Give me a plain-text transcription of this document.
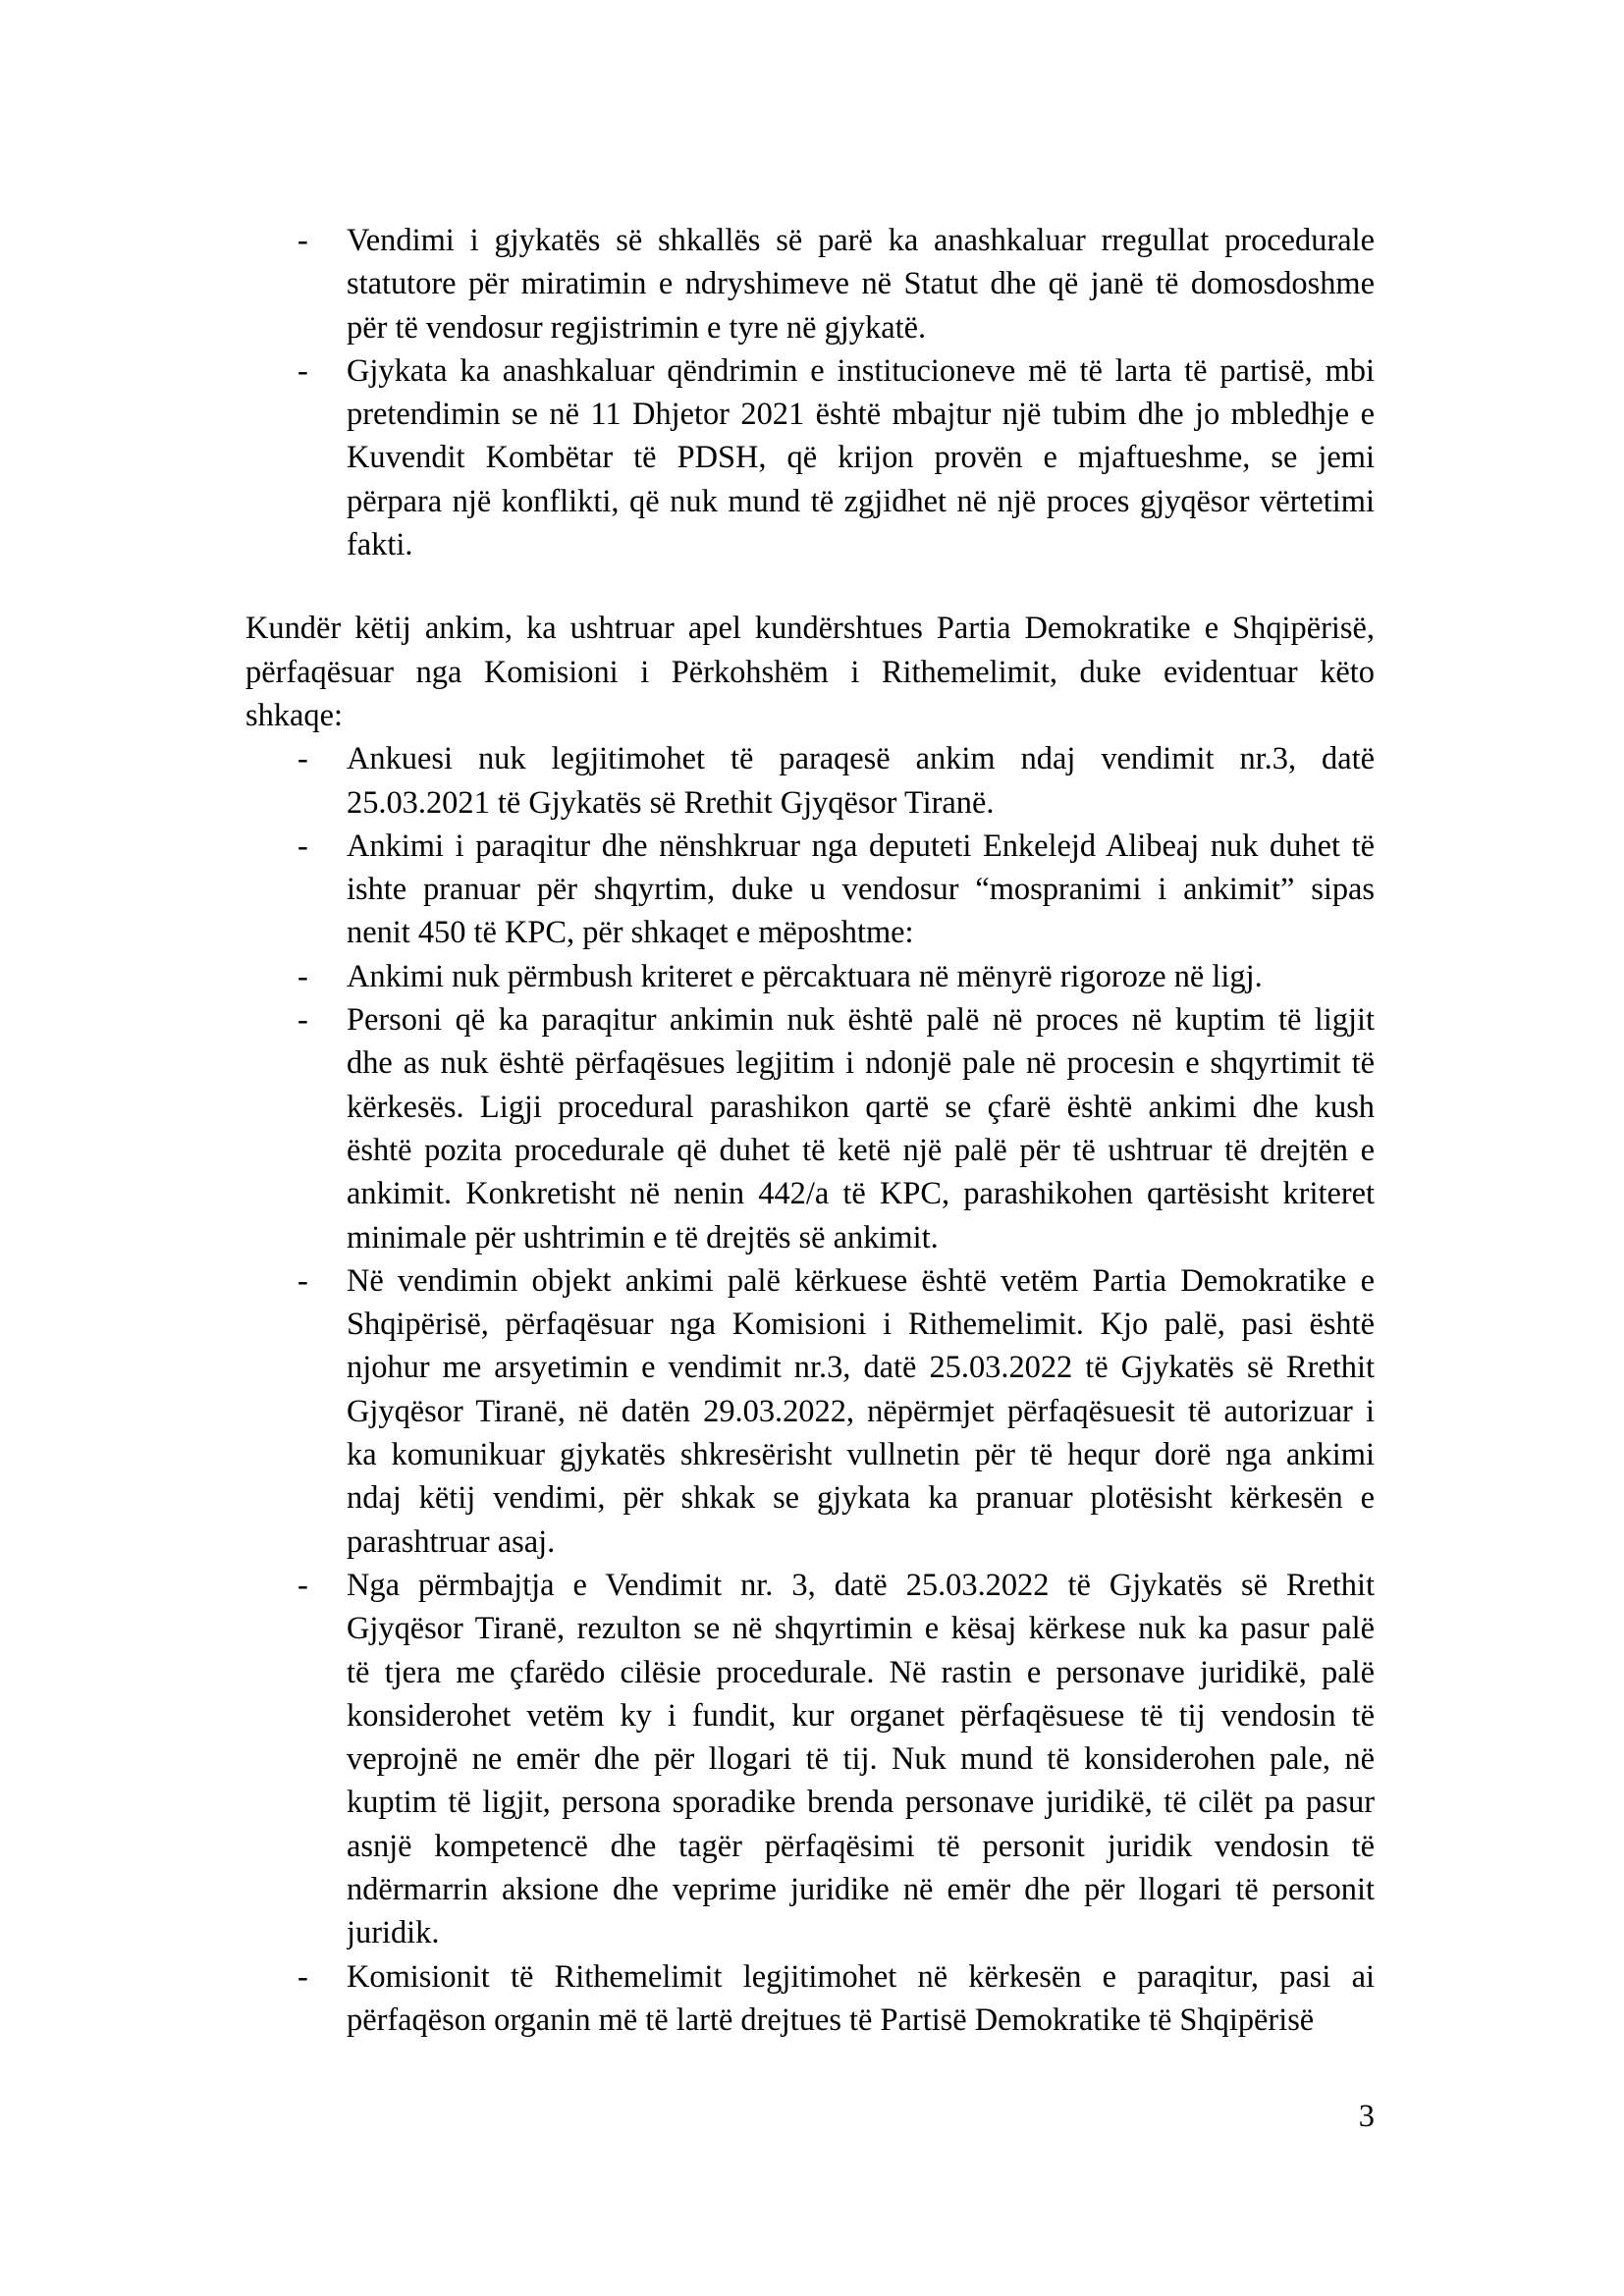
- Vendimi i gjykatës së shkallës së parë ka anashkaluar rregullat procedurale
statutore për miratimin e ndryshimeve në Statut dhe që janë të domosdoshme
për të vendosur regjistrimin e tyre në gjykatë.
- Gjykata ka anashkaluar qëndrimin e institucioneve më të larta të partisë, mbi
pretendimin se në 11 Dhjetor 2021 është mbajtur një tubim dhe jo mbledhje e
Kuvendit Kombëtar të PDSH, që krijon provën e mjaftueshme, se jemi
përpara një konflikti, që nuk mund të zgjidhet në një proces gjyqësor vërtetimi
fakti.
Kundër këtij ankim, ka ushtruar apel kundërshtues Partia Demokratike e Shqipërisë,
përfaqësuar nga Komisioni i Përkohshëm i Rithemelimit, duke evidentuar këto
shkaqe:
- Ankuesi nuk legjitimohet të paraqesë ankim ndaj vendimit nr.3, datë
25.03.2021 të Gjykatës së Rrethit Gjyqësor Tiranë.
- Ankimi i paraqitur dhe nënshkruar nga deputeti Enkelejd Alibeaj nuk duhet të
ishte pranuar për shqyrtim, duke u vendosur “mospranimi i ankimit” sipas
nenit 450 të KPC, për shkaqet e mëposhtme:
- Ankimi nuk përmbush kriteret e përcaktuara në mënyrë rigoroze në ligj.
- Personi që ka paraqitur ankimin nuk është palë në proces në kuptim të ligjit
dhe as nuk është përfaqësues legjitim i ndonjë pale në procesin e shqyrtimit të
kërkesës. Ligji procedural parashikon qartë se çfarë është ankimi dhe kush
është pozita procedurale që duhet të ketë një palë për të ushtruar të drejtën e
ankimit. Konkretisht në nenin 442/a të KPC, parashikohen qartësisht kriteret
minimale për ushtrimin e të drejtës së ankimit.
- Në vendimin objekt ankimi palë kërkuese është vetëm Partia Demokratike e
Shqipërisë, përfaqësuar nga Komisioni i Rithemelimit. Kjo palë, pasi është
njohur me arsyetimin e vendimit nr.3, datë 25.03.2022 të Gjykatës së Rrethit
Gjyqësor Tiranë, në datën 29.03.2022, nëpërmjet përfaqësuesit të autorizuar i
ka komunikuar gjykatës shkresërisht vullnetin për të hequr dorë nga ankimi
ndaj këtij vendimi, për shkak se gjykata ka pranuar plotësisht kërkesën e
parashtruar asaj.
- Nga përmbajtja e Vendimit nr. 3, datë 25.03.2022 të Gjykatës së Rrethit
Gjyqësor Tiranë, rezulton se në shqyrtimin e kësaj kërkese nuk ka pasur palë
të tjera me çfarëdo cilësie procedurale. Në rastin e personave juridikë, palë
konsiderohet vetëm ky i fundit, kur organet përfaqësuese të tij vendosin të
veprojnë ne emër dhe për llogari të tij. Nuk mund të konsiderohen pale, në
kuptim të ligjit, persona sporadike brenda personave juridikë, të cilët pa pasur
asnjë kompetencë dhe tagër përfaqësimi të personit juridik vendosin të
ndërmarrin aksione dhe veprime juridike në emër dhe për llogari të personit
juridik.
- Komisionit të Rithemelimit legjitimohet në kërkesën e paraqitur, pasi ai
përfaqëson organin më të lartë drejtues të Partisë Demokratike të Shqipërisë
3
